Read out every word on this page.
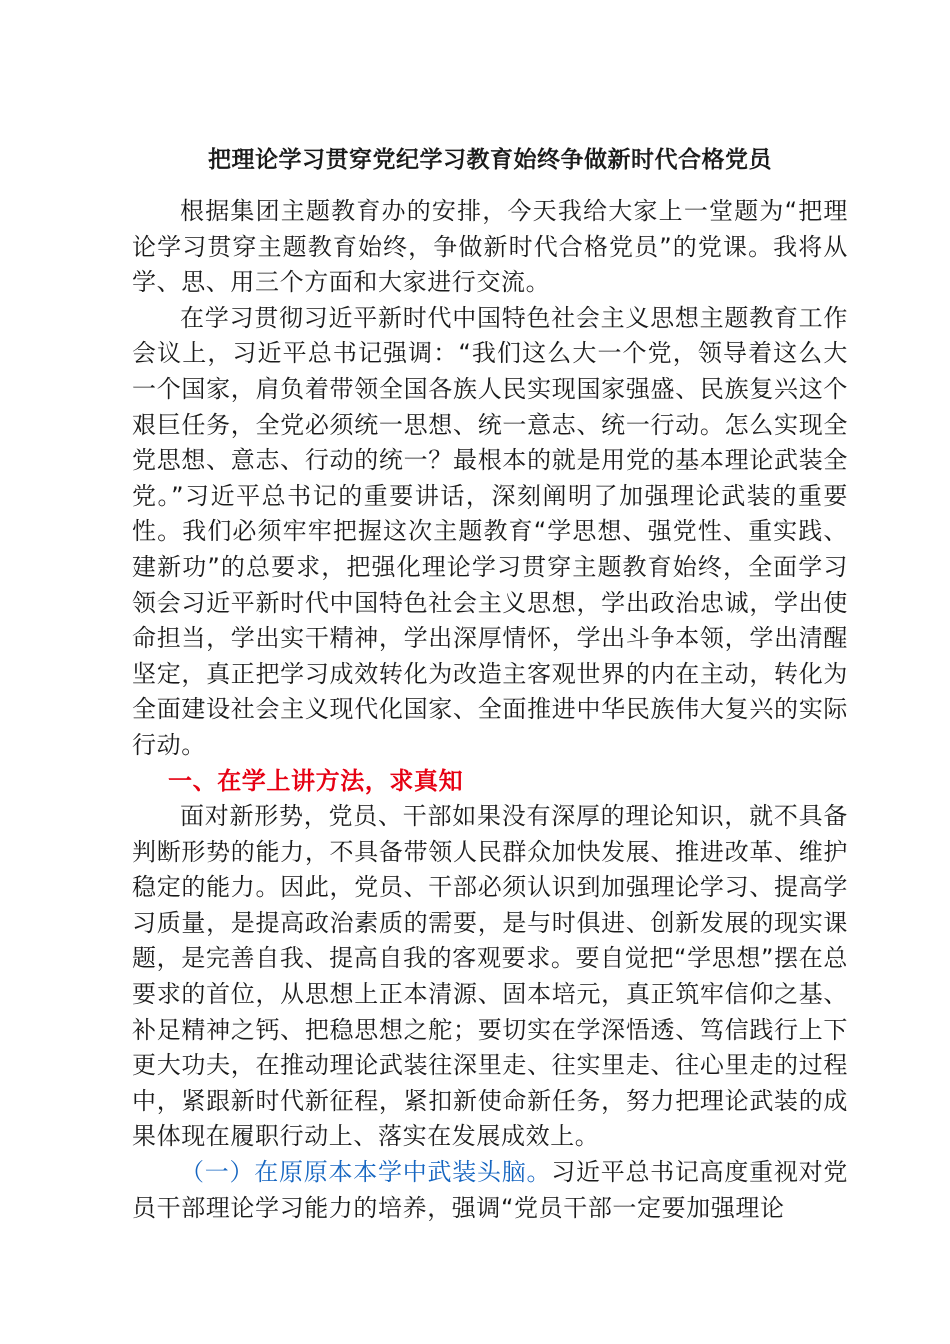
把理论学习贯穿党纪学习教育始终争做新时代合格党员

根据集团主题教育办的安排，今天我给大家上一堂题为“把理论学习贯穿主题教育始终，争做新时代合格党员”的党课。我将从学、思、用三个方面和大家进行交流。

在学习贯彻习近平新时代中国特色社会主义思想主题教育工作会议上，习近平总书记强调：“我们这么大一个党，领导着这么大一个国家，肩负着带领全国各族人民实现国家强盛、民族复兴这个艰巨任务，全党必须统一思想、统一意志、统一行动。怎么实现全党思想、意志、行动的统一？最根本的就是用党的基本理论武装全党。”习近平总书记的重要讲话，深刻阐明了加强理论武装的重要性。我们必须牢牢把握这次主题教育“学思想、强党性、重实践、建新功”的总要求，把强化理论学习贯穿主题教育始终，全面学习领会习近平新时代中国特色社会主义思想，学出政治忠诚，学出使命担当，学出实干精神，学出深厚情怀，学出斗争本领，学出清醒坚定，真正把学习成效转化为改造主客观世界的内在主动，转化为全面建设社会主义现代化国家、全面推进中华民族伟大复兴的实际行动。

一、在学上讲方法，求真知

面对新形势，党员、干部如果没有深厚的理论知识，就不具备判断形势的能力，不具备带领人民群众加快发展、推进改革、维护稳定的能力。因此，党员、干部必须认识到加强理论学习、提高学习质量，是提高政治素质的需要，是与时俱进、创新发展的现实课题，是完善自我、提高自我的客观要求。要自觉把“学思想”摆在总要求的首位，从思想上正本清源、固本培元，真正筑牢信仰之基、补足精神之钙、把稳思想之舵；要切实在学深悟透、笃信践行上下更大功夫，在推动理论武装往深里走、往实里走、往心里走的过程中，紧跟新时代新征程，紧扣新使命新任务，努力把理论武装的成果体现在履职行动上、落实在发展成效上。

（一）在原原本本学中武装头脑。习近平总书记高度重视对党员干部理论学习能力的培养，强调“党员干部一定要加强理论
